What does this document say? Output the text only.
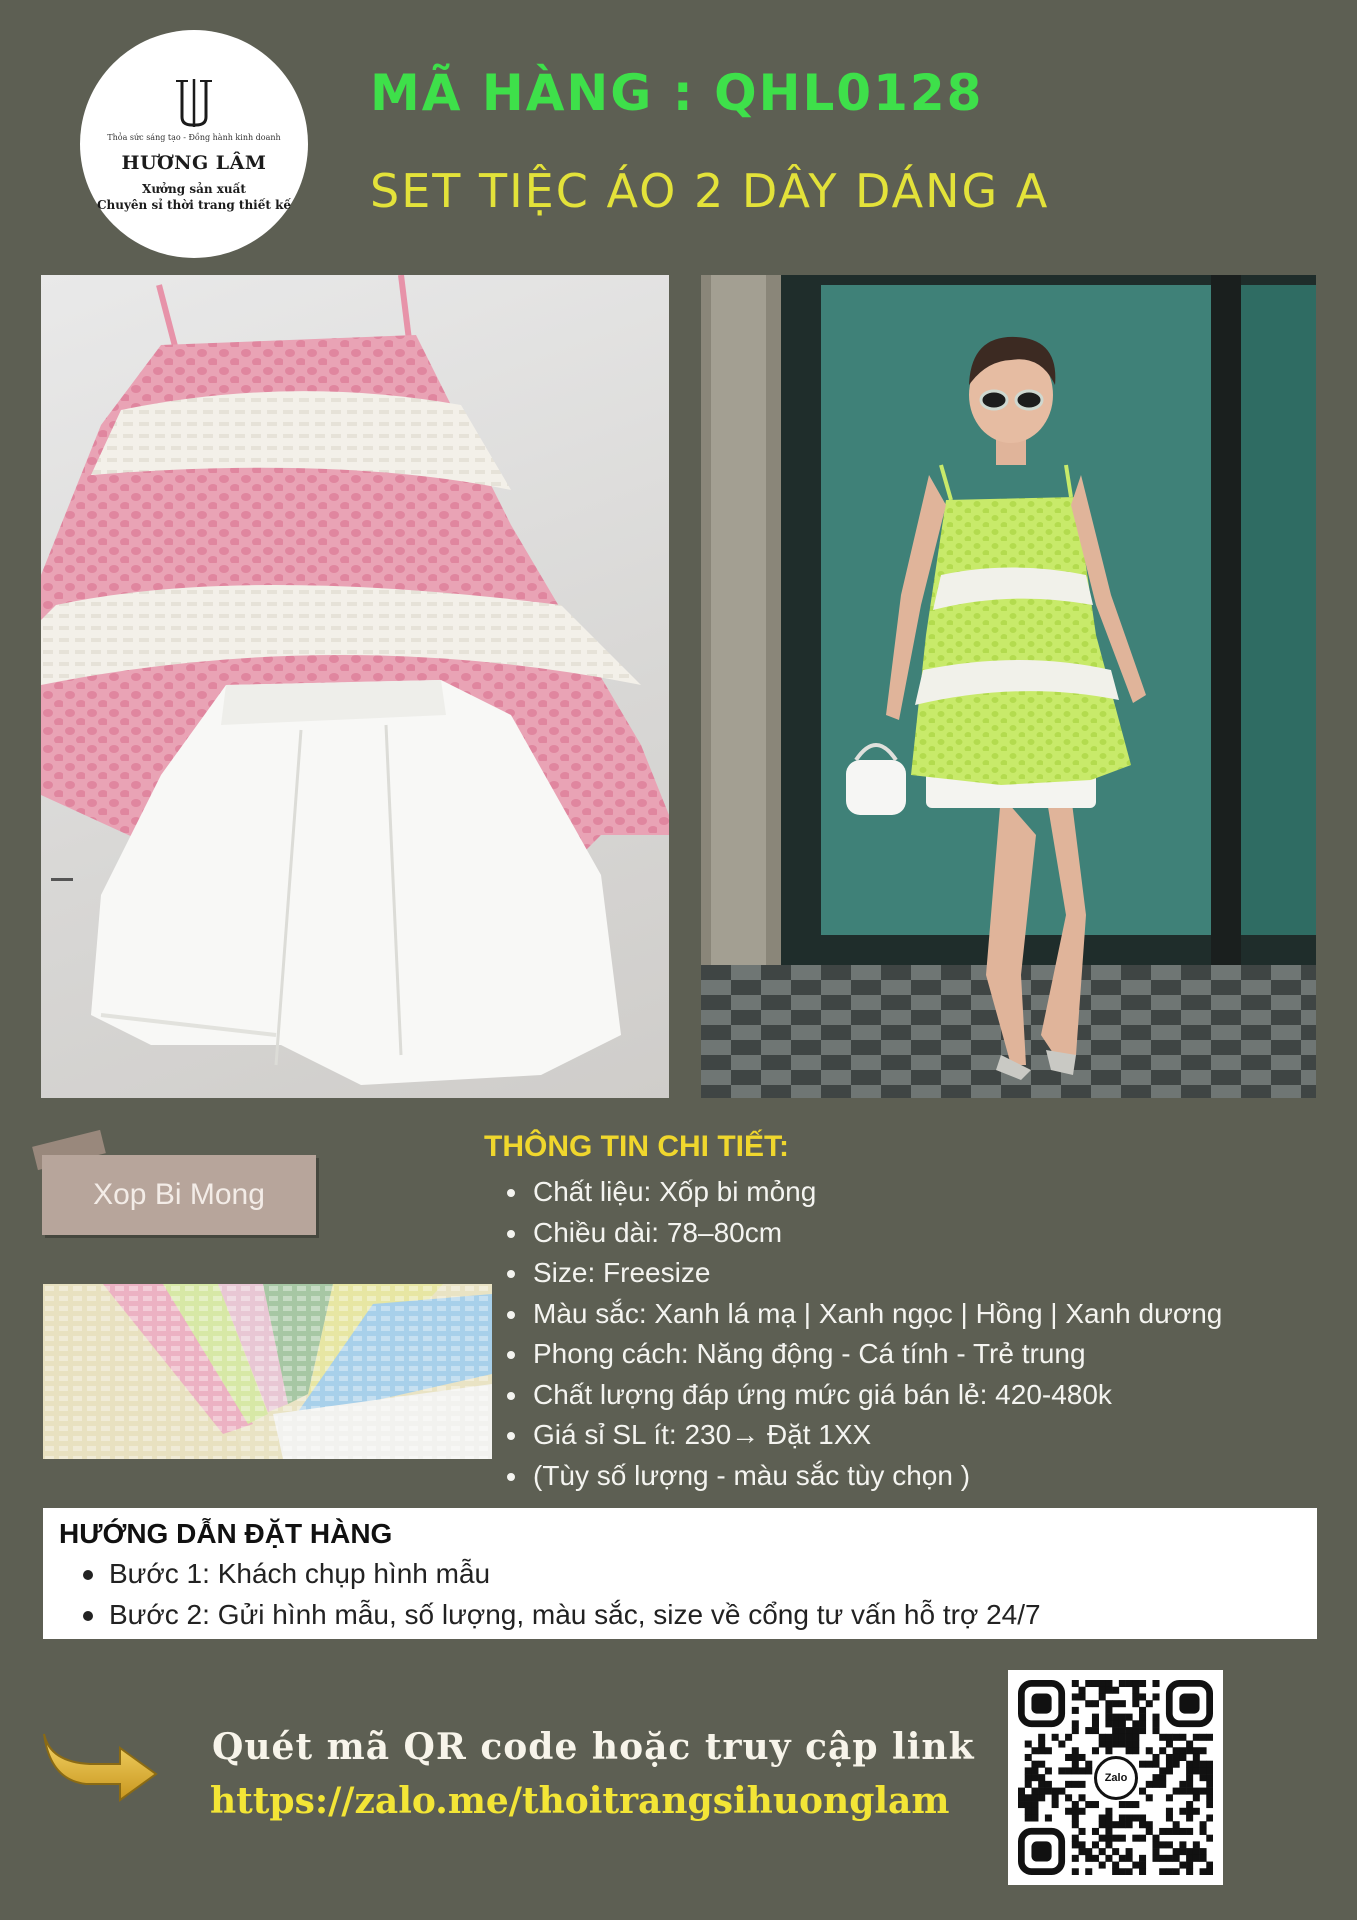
Thỏa sức sáng tạo - Đồng hành kinh doanh
HƯƠNG LÂM
Xưởng sản xuất
Chuyên sỉ thời trang thiết kế
MÃ HÀNG : QHL0128
SET TIỆC ÁO 2 DÂY DÁNG A
Xop Bi Mong
THÔNG TIN CHI TIẾT:
Chất liệu: Xốp bi mỏng
Chiều dài: 78–80cm
Size: Freesize
Màu sắc: Xanh lá mạ | Xanh ngọc | Hồng | Xanh dương
Phong cách: Năng động - Cá tính - Trẻ trung
Chất lượng đáp ứng mức giá bán lẻ: 420-480k
Giá sỉ SL ít: 230→ Đặt 1XX
(Tùy số lượng - màu sắc tùy chọn )
HƯỚNG DẪN ĐẶT HÀNG
Bước 1: Khách chụp hình mẫu
Bước 2: Gửi hình mẫu, số lượng, màu sắc, size về cổng tư vấn hỗ trợ 24/7
Quét mã QR code hoặc truy cập link
https://zalo.me/thoitrangsihuonglam
Zalo
